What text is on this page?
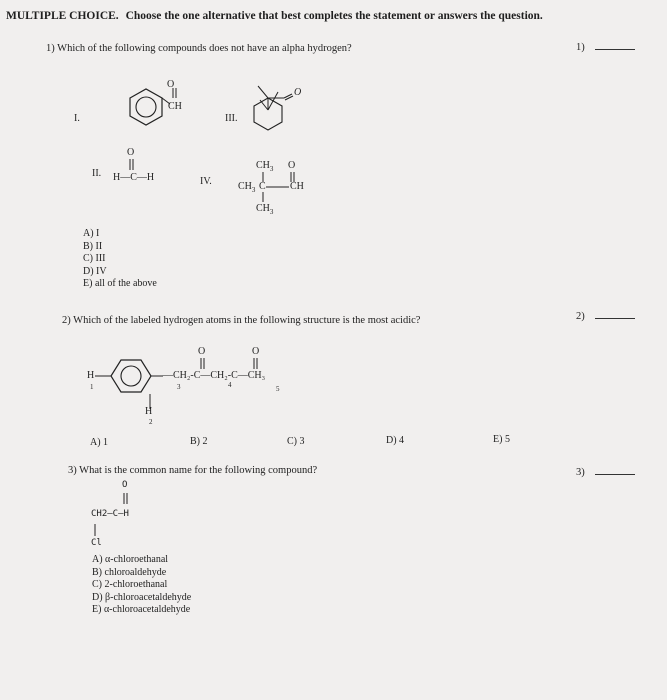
MULTIPLE CHOICE. Choose the one alternative that best completes the statement or answers the question.
1) Which of the following compounds does not have an alpha hydrogen?	1)
I.
O
CH
III.
O
II.
O
H—C—H	IV.
$CH_3$ O
$CH_3$ C CH
$CH_3$
A) I
B) II
C) III
D) IV
E) all of the above
2) Which of the labeled hydrogen atoms in the following structure is the most acidic?	2)
H
1
H
2
—CH₂-C—CH₂-C—CH₃
O	O
3	4	5
A) 1	B) 2	C) 3	D) 4	E) 5
3) What is the common name for the following compound?	3)
O
CH2—C—H
Cl
A) α-chloroethanal
B) chloroaldehyde
C) 2-chloroethanal
D) β-chloroacetaldehyde
E) α-chloroacetaldehyde
